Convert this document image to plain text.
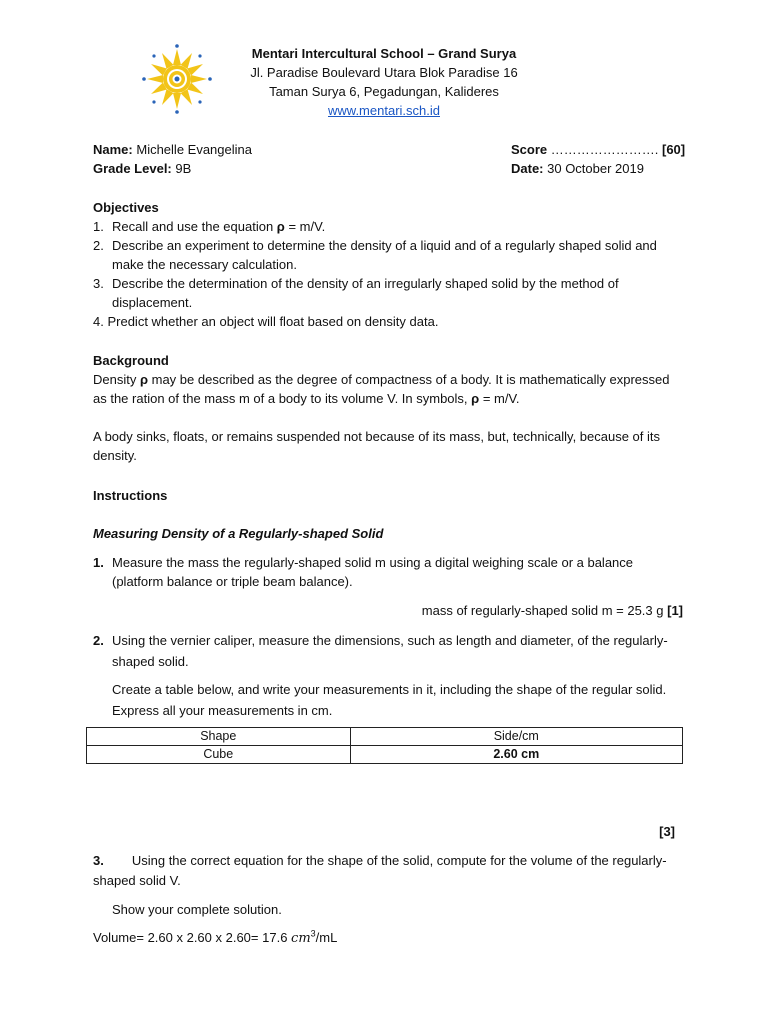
Mentari Intercultural School – Grand Surya
Jl. Paradise Boulevard Utara Blok Paradise 16
Taman Surya 6, Pegadungan, Kalideres
www.mentari.sch.id
Name: Michelle Evangelina
Grade Level: 9B
Score ……………………. [60]
Date: 30 October 2019
Objectives
1. Recall and use the equation ρ = m/V.
2. Describe an experiment to determine the density of a liquid and of a regularly shaped solid and make the necessary calculation.
3. Describe the determination of the density of an irregularly shaped solid by the method of displacement.
4. Predict whether an object will float based on density data.
Background
Density ρ may be described as the degree of compactness of a body. It is mathematically expressed as the ration of the mass m of a body to its volume V. In symbols, ρ = m/V.
A body sinks, floats, or remains suspended not because of its mass, but, technically, because of its density.
Instructions
Measuring Density of a Regularly-shaped Solid
1. Measure the mass the regularly-shaped solid m using a digital weighing scale or a balance (platform balance or triple beam balance).
mass of regularly-shaped solid m = 25.3 g [1]
2. Using the vernier caliper, measure the dimensions, such as length and diameter, of the regularly-shaped solid.
Create a table below, and write your measurements in it, including the shape of the regular solid. Express all your measurements in cm.
Shape	Side/cm
Cube	2.60 cm
[3]
3. Using the correct equation for the shape of the solid, compute for the volume of the regularly-shaped solid V.
Show your complete solution.
Volume= 2.60 x 2.60 x 2.60= 17.6 $cm^3/mL$
